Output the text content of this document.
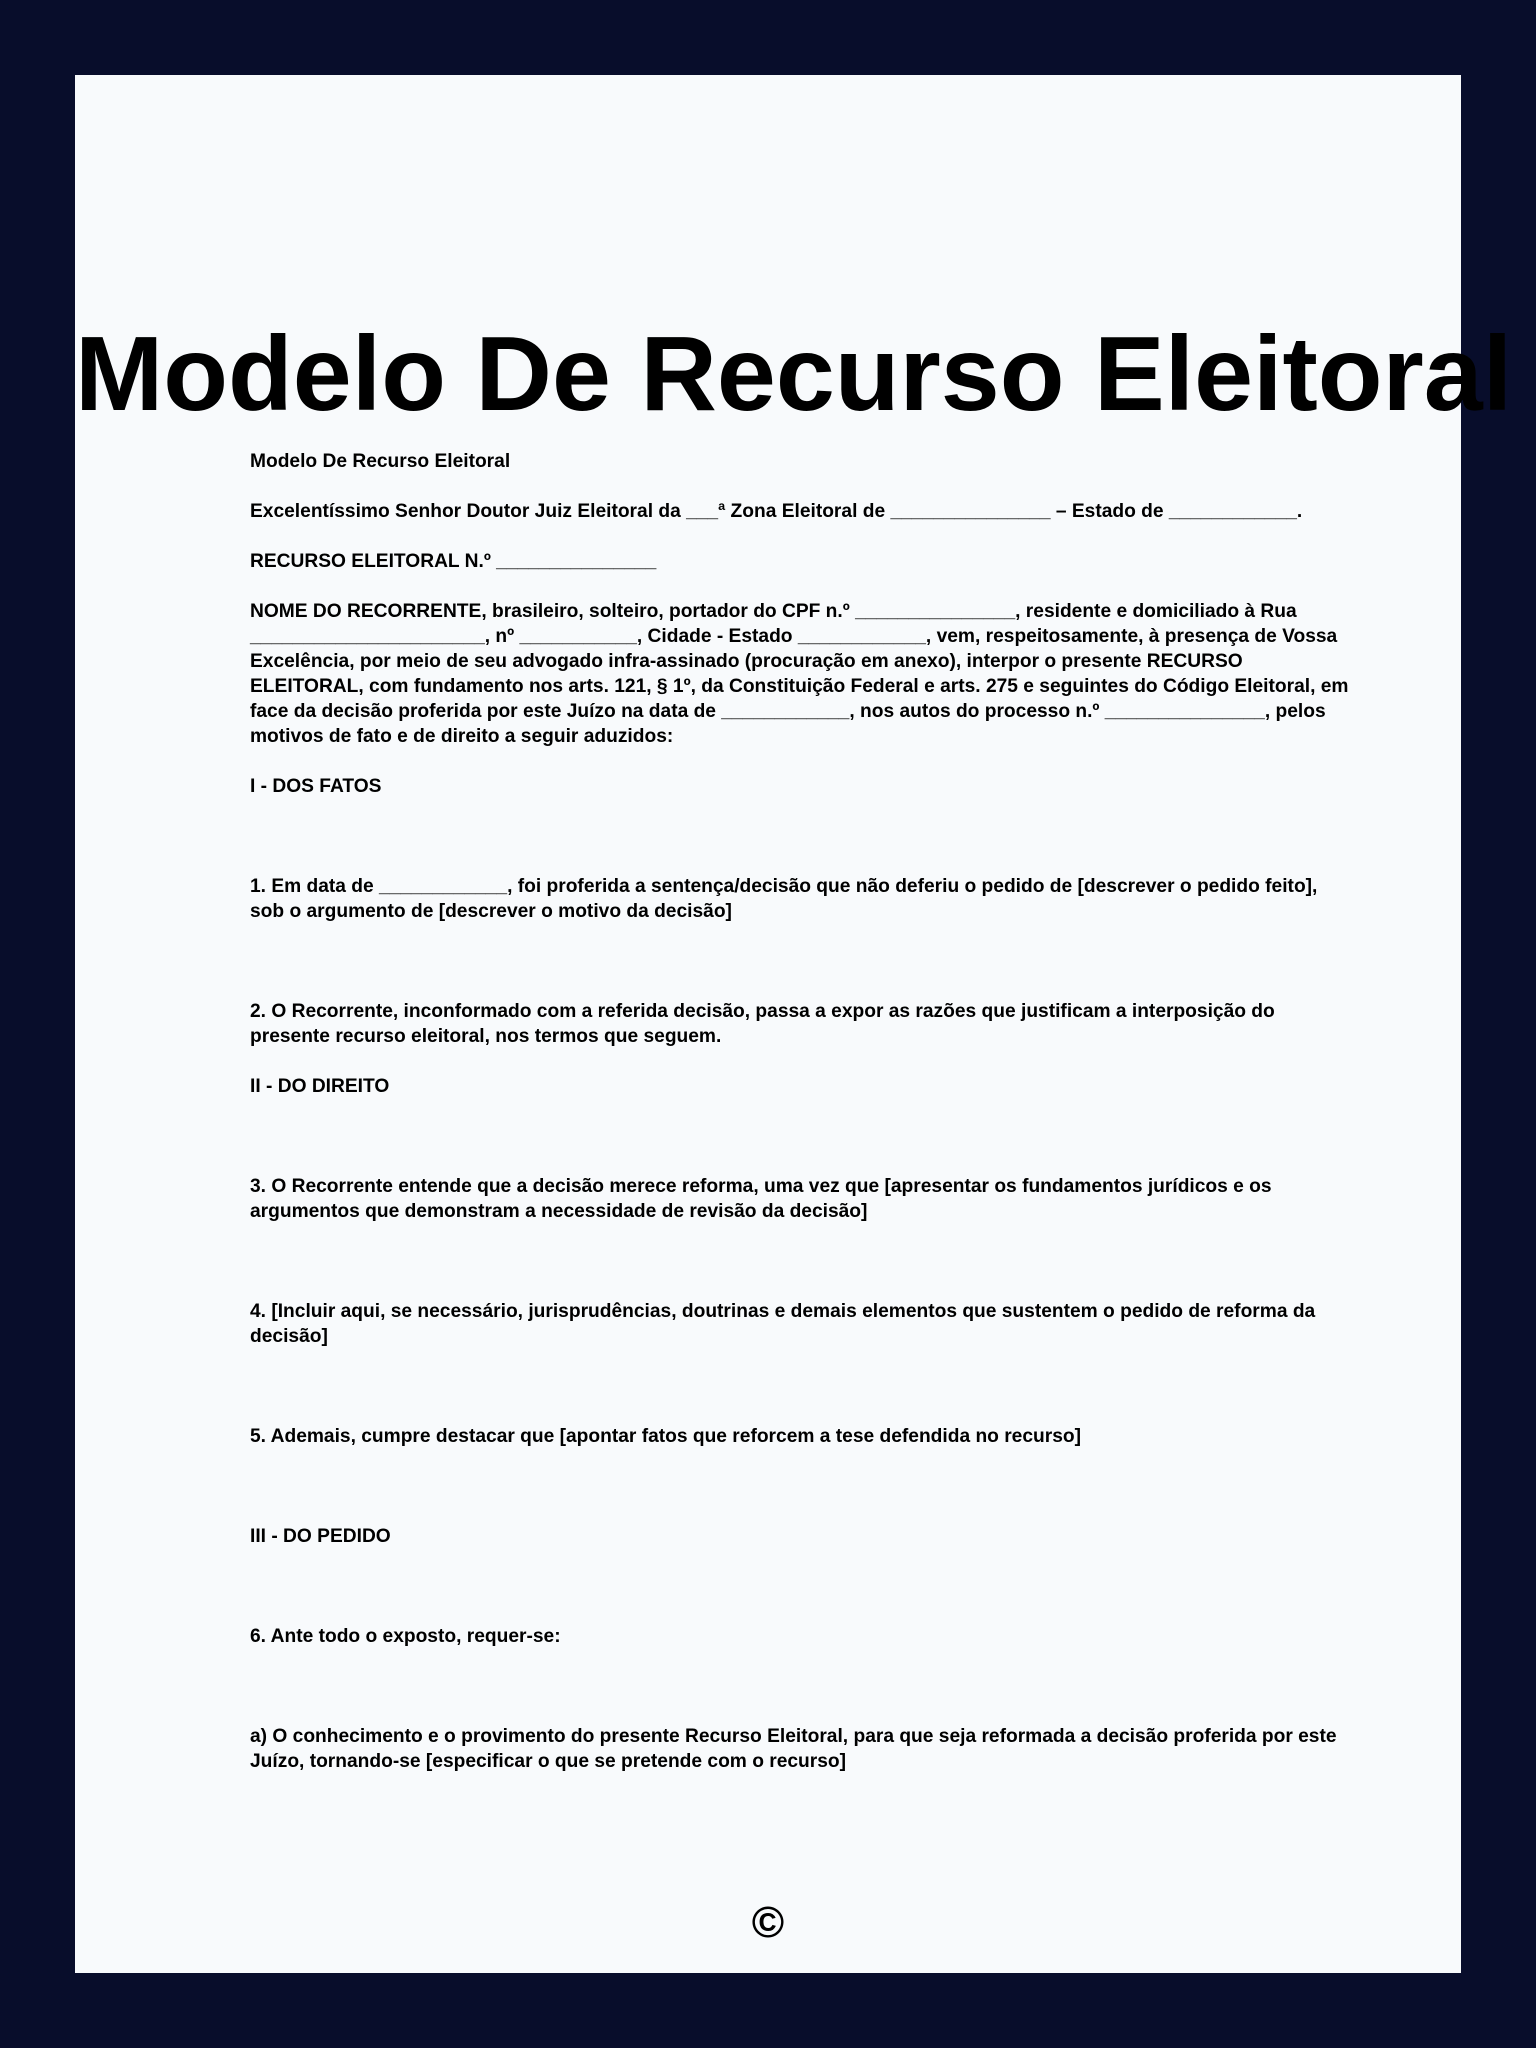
Modelo De Recurso Eleitoral

Modelo De Recurso Eleitoral

Excelentíssimo Senhor Doutor Juiz Eleitoral da ___ª Zona Eleitoral de _______________ – Estado de ____________.

RECURSO ELEITORAL N.º _______________

NOME DO RECORRENTE, brasileiro, solteiro, portador do CPF n.º _______________, residente e domiciliado à Rua ______________________, nº ___________, Cidade - Estado ____________, vem, respeitosamente, à presença de Vossa Excelência, por meio de seu advogado infra-assinado (procuração em anexo), interpor o presente RECURSO ELEITORAL, com fundamento nos arts. 121, § 1º, da Constituição Federal e arts. 275 e seguintes do Código Eleitoral, em face da decisão proferida por este Juízo na data de ____________, nos autos do processo n.º _______________, pelos motivos de fato e de direito a seguir aduzidos:

I - DOS FATOS

1. Em data de ____________, foi proferida a sentença/decisão que não deferiu o pedido de [descrever o pedido feito], sob o argumento de [descrever o motivo da decisão]

2. O Recorrente, inconformado com a referida decisão, passa a expor as razões que justificam a interposição do presente recurso eleitoral, nos termos que seguem.

II - DO DIREITO

3. O Recorrente entende que a decisão merece reforma, uma vez que [apresentar os fundamentos jurídicos e os argumentos que demonstram a necessidade de revisão da decisão]

4. [Incluir aqui, se necessário, jurisprudências, doutrinas e demais elementos que sustentem o pedido de reforma da decisão]

5. Ademais, cumpre destacar que [apontar fatos que reforcem a tese defendida no recurso]

III - DO PEDIDO

6. Ante todo o exposto, requer-se:

a) O conhecimento e o provimento do presente Recurso Eleitoral, para que seja reformada a decisão proferida por este Juízo, tornando-se [especificar o que se pretende com o recurso]

©
